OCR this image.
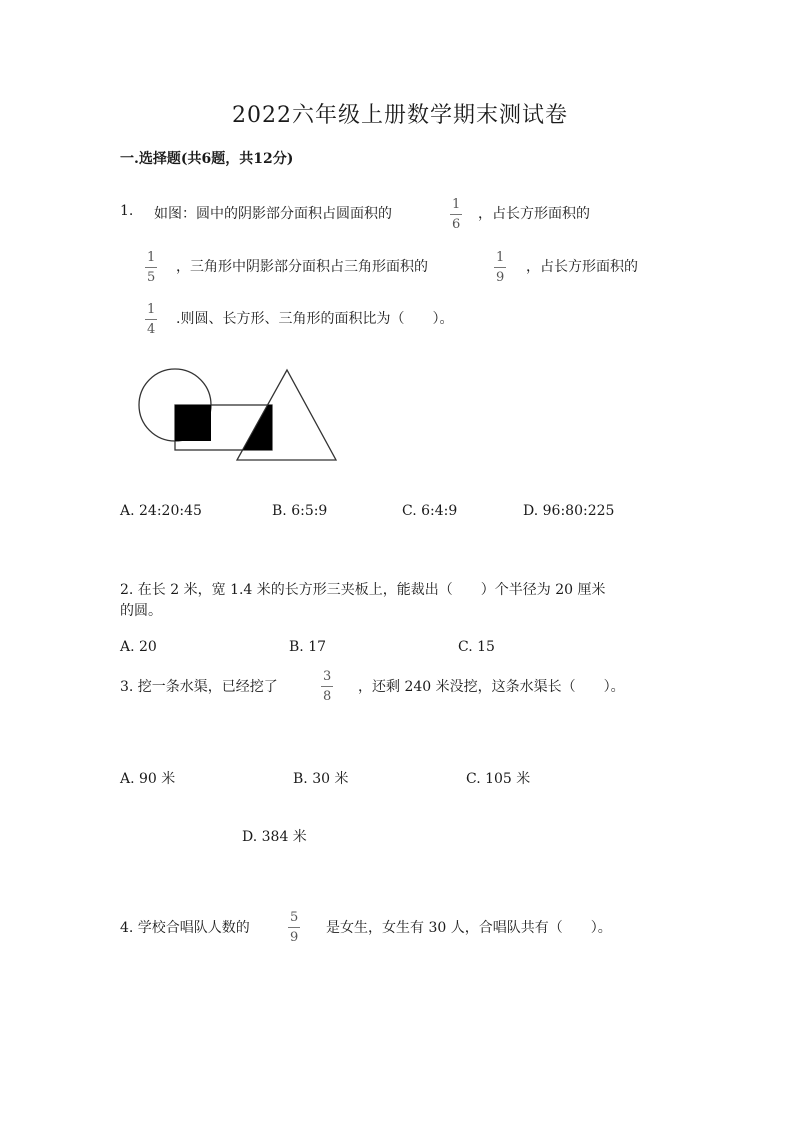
2022六年级上册数学期末测试卷
一.选择题(共6题，共12分)
1. 如图：圆中的阴影部分面积占圆面积的
1
6
，占长方形面积的
1
5
，三角形中阴影部分面积占三角形面积的
1
9
，占长方形面积的
1
4
.则圆、长方形、三角形的面积比为（　　）。
A. 24:20:45	B. 6:5:9	C. 6:4:9	D. 96:80:225
2. 在长 2 米，宽 1.4 米的长方形三夹板上，能裁出（　　）个半径为 20 厘米
的圆。
A. 20	B. 17	C. 15
3. 挖一条水渠，已经挖了
3
8
，还剩 240 米没挖，这条水渠长（　　）。
A. 90 米	B. 30 米	C. 105 米
D. 384 米
4. 学校合唱队人数的
5
9
是女生，女生有 30 人，合唱队共有（　　）。
